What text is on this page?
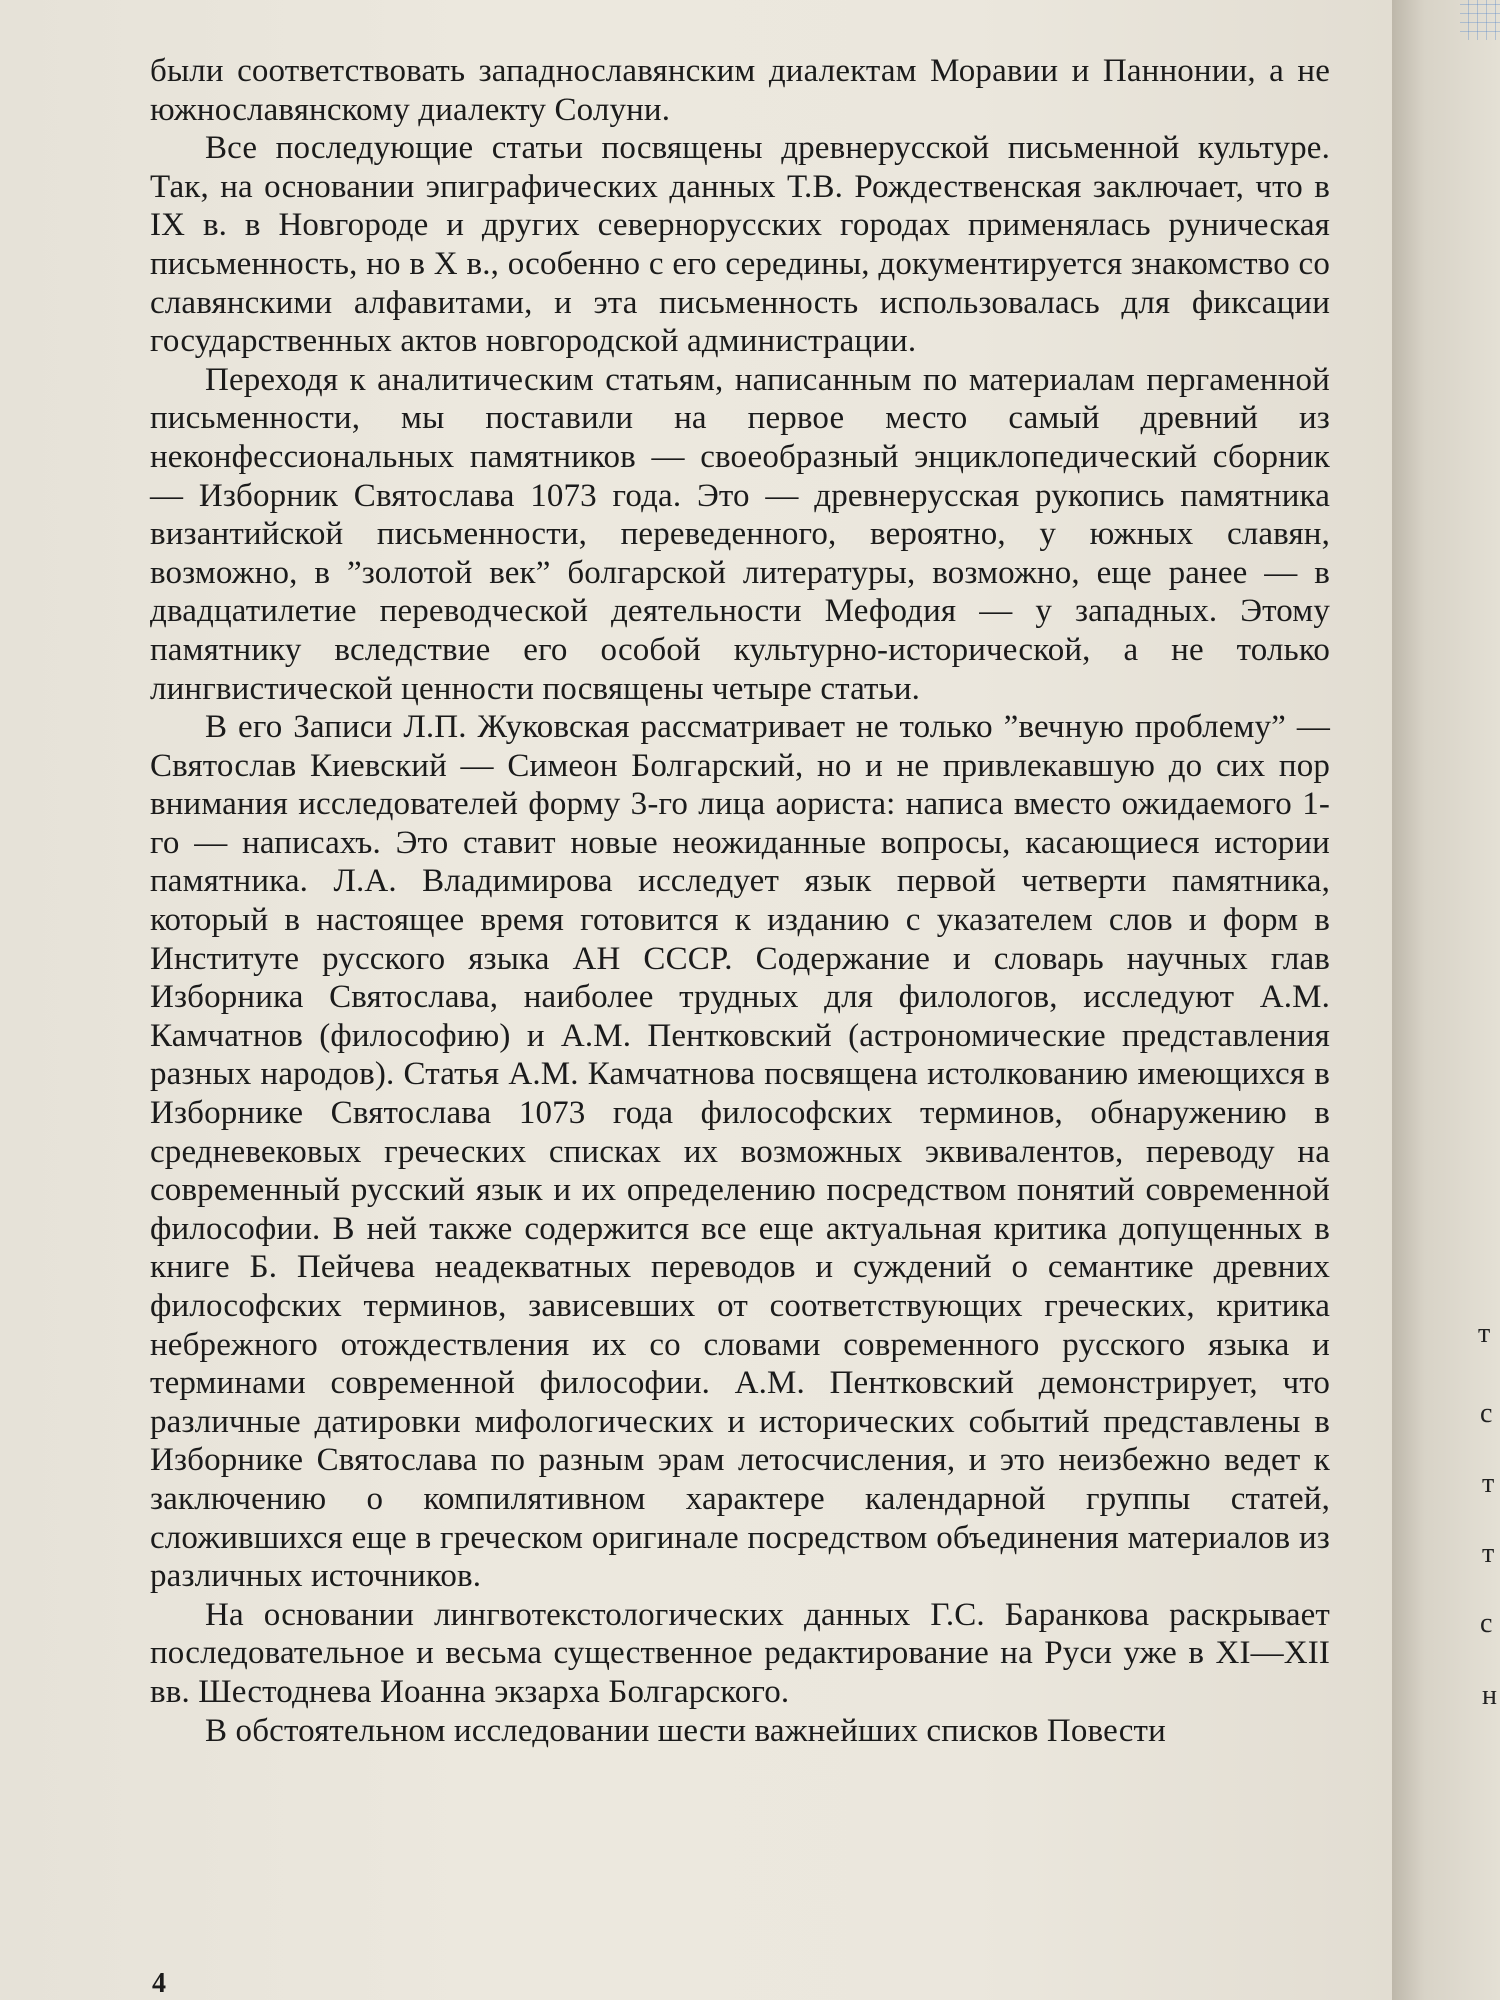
были соответствовать западнославянским диалектам Моравии и Паннонии, а не южнославянскому диалекту Солуни.

Все последующие статьи посвящены древнерусской письменной культуре. Так, на основании эпиграфических данных Т.В. Рождественская заключает, что в IX в. в Новгороде и других севернорусских городах применялась руническая письменность, но в X в., особенно с его середины, документируется знакомство со славянскими алфавитами, и эта письменность использовалась для фиксации государственных актов новгородской администрации.

Переходя к аналитическим статьям, написанным по материалам пергаменной письменности, мы поставили на первое место самый древний из неконфессиональных памятников — своеобразный энциклопедический сборник — Изборник Святослава 1073 года. Это — древнерусская рукопись памятника византийской письменности, переведенного, вероятно, у южных славян, возможно, в ”золотой век” болгарской литературы, возможно, еще ранее — в двадцатилетие переводческой деятельности Мефодия — у западных. Этому памятнику вследствие его особой культурно-исторической, а не только лингвистической ценности посвящены четыре статьи.

В его Записи Л.П. Жуковская рассматривает не только ”вечную проблему” — Святослав Киевский — Симеон Болгарский, но и не привлекавшую до сих пор внимания исследователей форму 3-го лица аориста: написа вместо ожидаемого 1-го — написахъ. Это ставит новые неожиданные вопросы, касающиеся истории памятника. Л.А. Владимирова исследует язык первой четверти памятника, который в настоящее время готовится к изданию с указателем слов и форм в Институте русского языка АН СССР. Содержание и словарь научных глав Изборника Святослава, наиболее трудных для филологов, исследуют А.М. Камчатнов (философию) и А.М. Пентковский (астрономические представления разных народов). Статья А.М. Камчатнова посвящена истолкованию имеющихся в Изборнике Святослава 1073 года философских терминов, обнаружению в средневековых греческих списках их возможных эквивалентов, переводу на современный русский язык и их определению посредством понятий современной философии. В ней также содержится все еще актуальная критика допущенных в книге Б. Пейчева неадекватных переводов и суждений о семантике древних философских терминов, зависевших от соответствующих греческих, критика небрежного отождествления их со словами современного русского языка и терминами современной философии. А.М. Пентковский демонстрирует, что различные датировки мифологических и исторических событий представлены в Изборнике Святослава по разным эрам летосчисления, и это неизбежно ведет к заключению о компилятивном характере календарной группы статей, сложившихся еще в греческом оригинале посредством объединения материалов из различных источников.

На основании лингвотекстологических данных Г.С. Баранкова раскрывает последовательное и весьма существенное редактирование на Руси уже в XI—XII вв. Шестоднева Иоанна экзарха Болгарского.

В обстоятельном исследовании шести важнейших списков Повести

4
т
с
т
т
с
н
